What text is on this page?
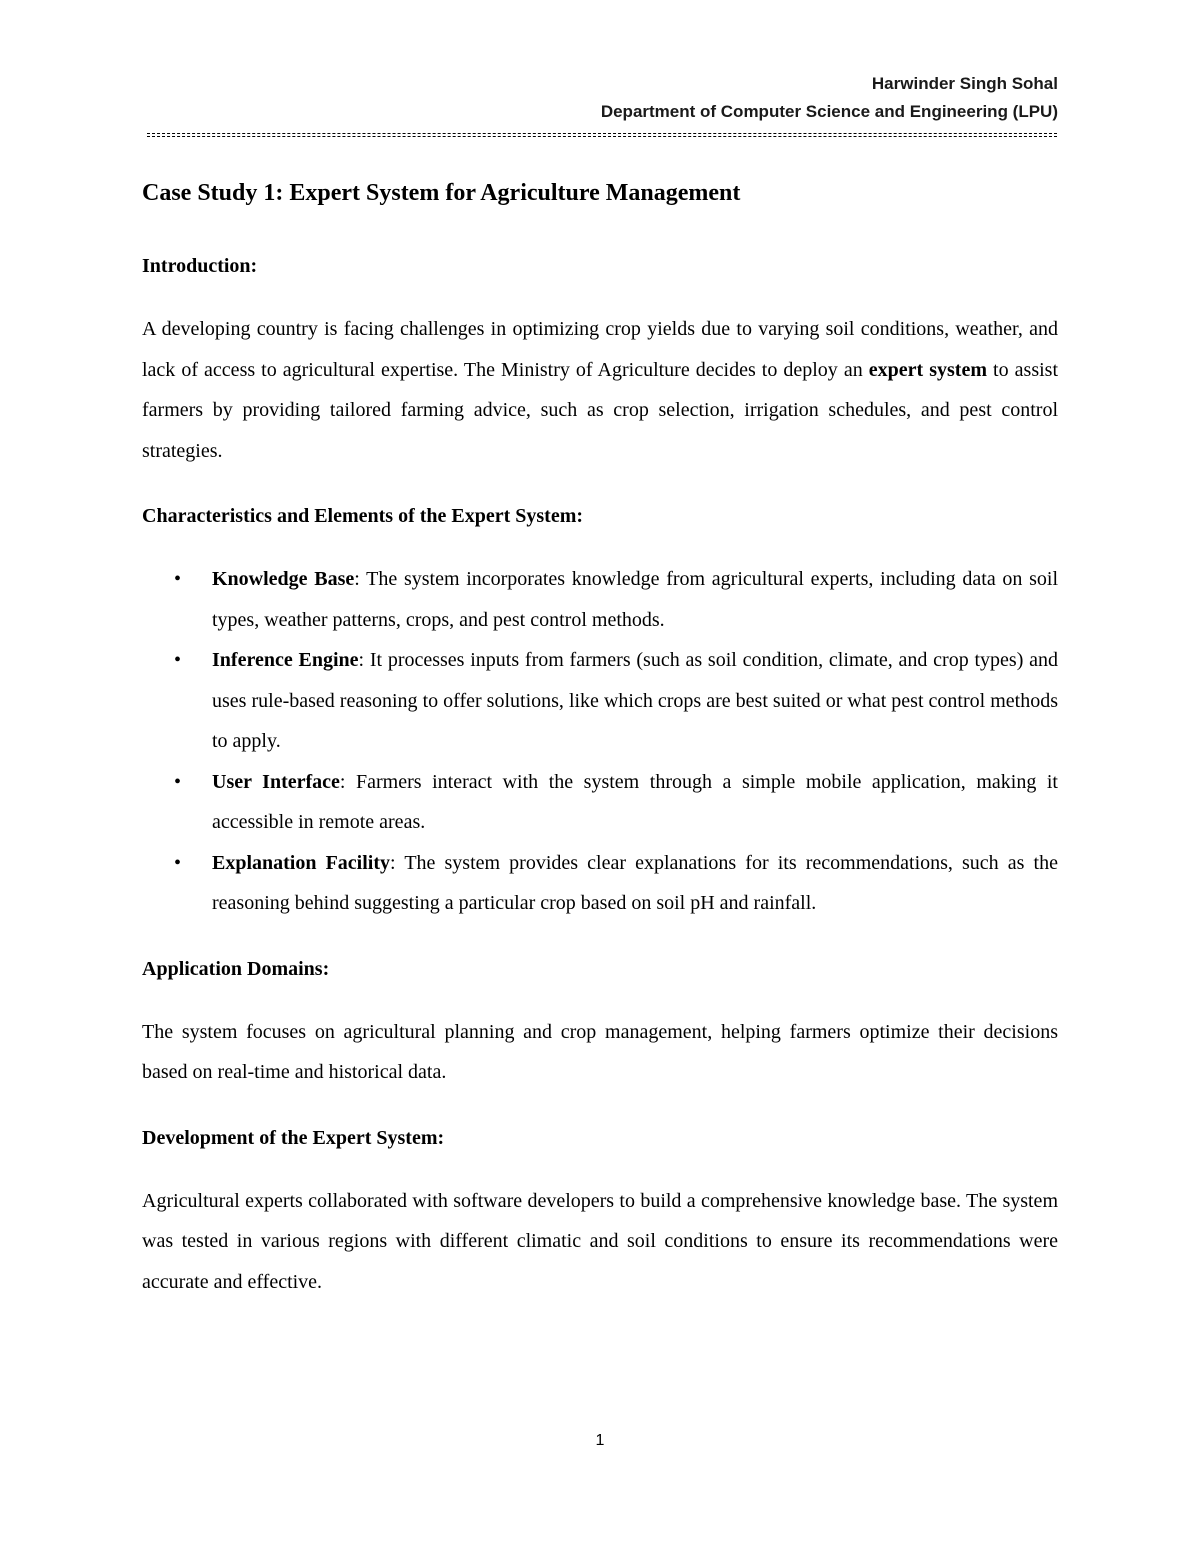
Harwinder Singh Sohal
Department of Computer Science and Engineering (LPU)
Case Study 1: Expert System for Agriculture Management
Introduction:

A developing country is facing challenges in optimizing crop yields due to varying soil conditions, weather, and lack of access to agricultural expertise. The Ministry of Agriculture decides to deploy an expert system to assist farmers by providing tailored farming advice, such as crop selection, irrigation schedules, and pest control strategies.

Characteristics and Elements of the Expert System:
• Knowledge Base: The system incorporates knowledge from agricultural experts, including data on soil types, weather patterns, crops, and pest control methods.
• Inference Engine: It processes inputs from farmers (such as soil condition, climate, and crop types) and uses rule-based reasoning to offer solutions, like which crops are best suited or what pest control methods to apply.
• User Interface: Farmers interact with the system through a simple mobile application, making it accessible in remote areas.
• Explanation Facility: The system provides clear explanations for its recommendations, such as the reasoning behind suggesting a particular crop based on soil pH and rainfall.
Application Domains:

The system focuses on agricultural planning and crop management, helping farmers optimize their decisions based on real-time and historical data.

Development of the Expert System:

Agricultural experts collaborated with software developers to build a comprehensive knowledge base. The system was tested in various regions with different climatic and soil conditions to ensure its recommendations were accurate and effective.

1
